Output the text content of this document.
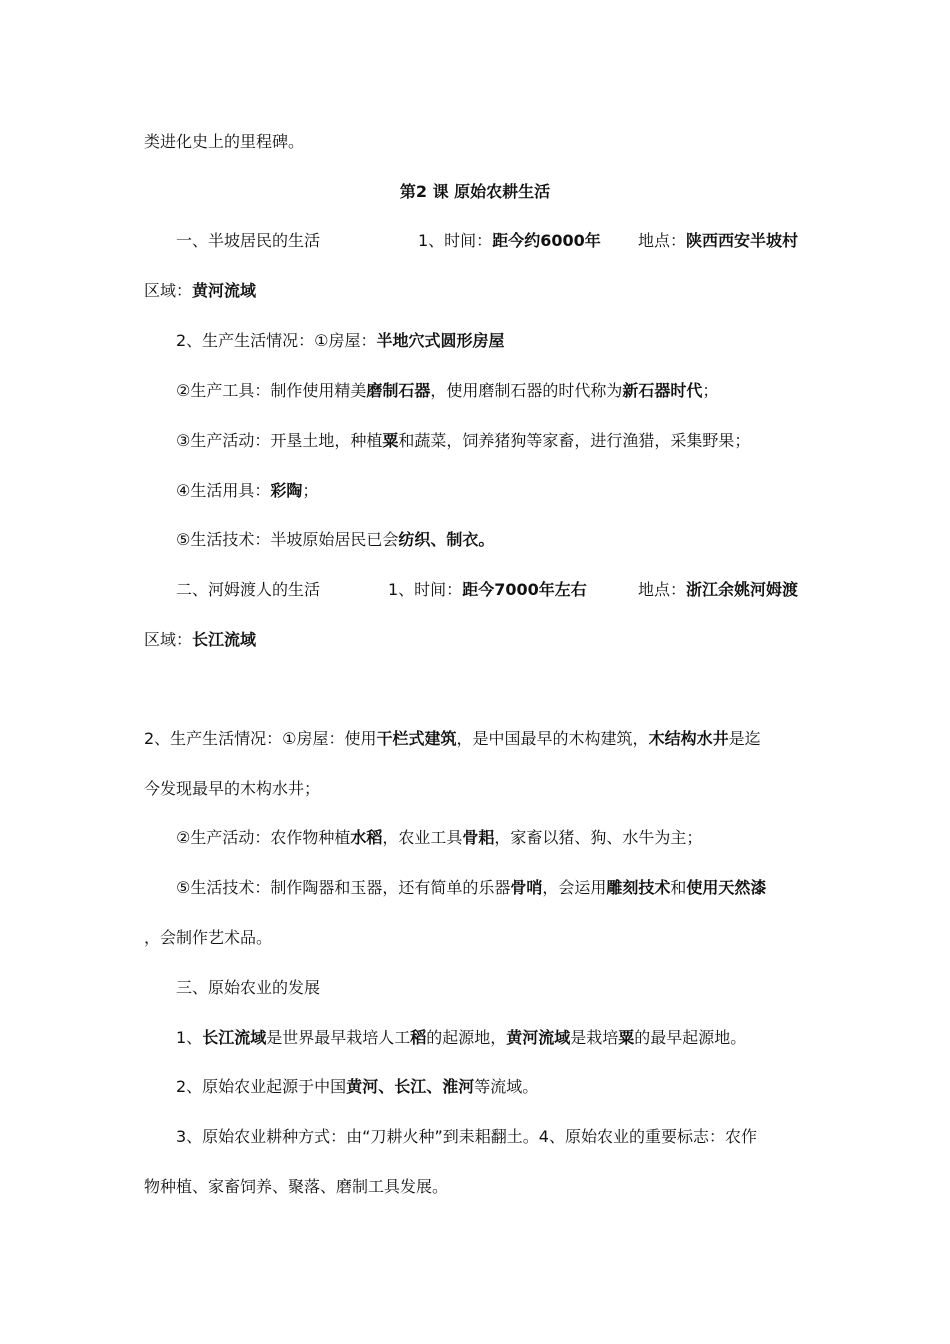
类进化史上的里程碑。
第2 课 原始农耕生活
一、半坡居民的生活	1、时间：距今约6000年 地点：陕西西安半坡村
区域：黄河流域
2、生产生活情况：①房屋：半地穴式圆形房屋
②生产工具：制作使用精美磨制石器，使用磨制石器的时代称为新石器时代；
③生产活动：开垦土地，种植粟和蔬菜，饲养猪狗等家畜，进行渔猎，采集野果；
④生活用具：彩陶；
⑤生活技术：半坡原始居民已会纺织、制衣。
二、河姆渡人的生活	1、时间：距今7000年左右	地点：浙江余姚河姆渡
区域：长江流域
2、生产生活情况：①房屋：使用干栏式建筑，是中国最早的木构建筑，木结构水井是迄
今发现最早的木构水井；
②生产活动：农作物种植水稻，农业工具骨耜，家畜以猪、狗、水牛为主；
⑤生活技术：制作陶器和玉器，还有简单的乐器骨哨，会运用雕刻技术和使用天然漆
，会制作艺术品。
三、原始农业的发展
1、长江流域是世界最早栽培人工稻的起源地，黄河流域是栽培粟的最早起源地。
2、原始农业起源于中国黄河、长江、淮河等流域。
3、原始农业耕种方式：由“刀耕火种”到耒耜翻土。4、原始农业的重要标志：农作
物种植、家畜饲养、聚落、磨制工具发展。
